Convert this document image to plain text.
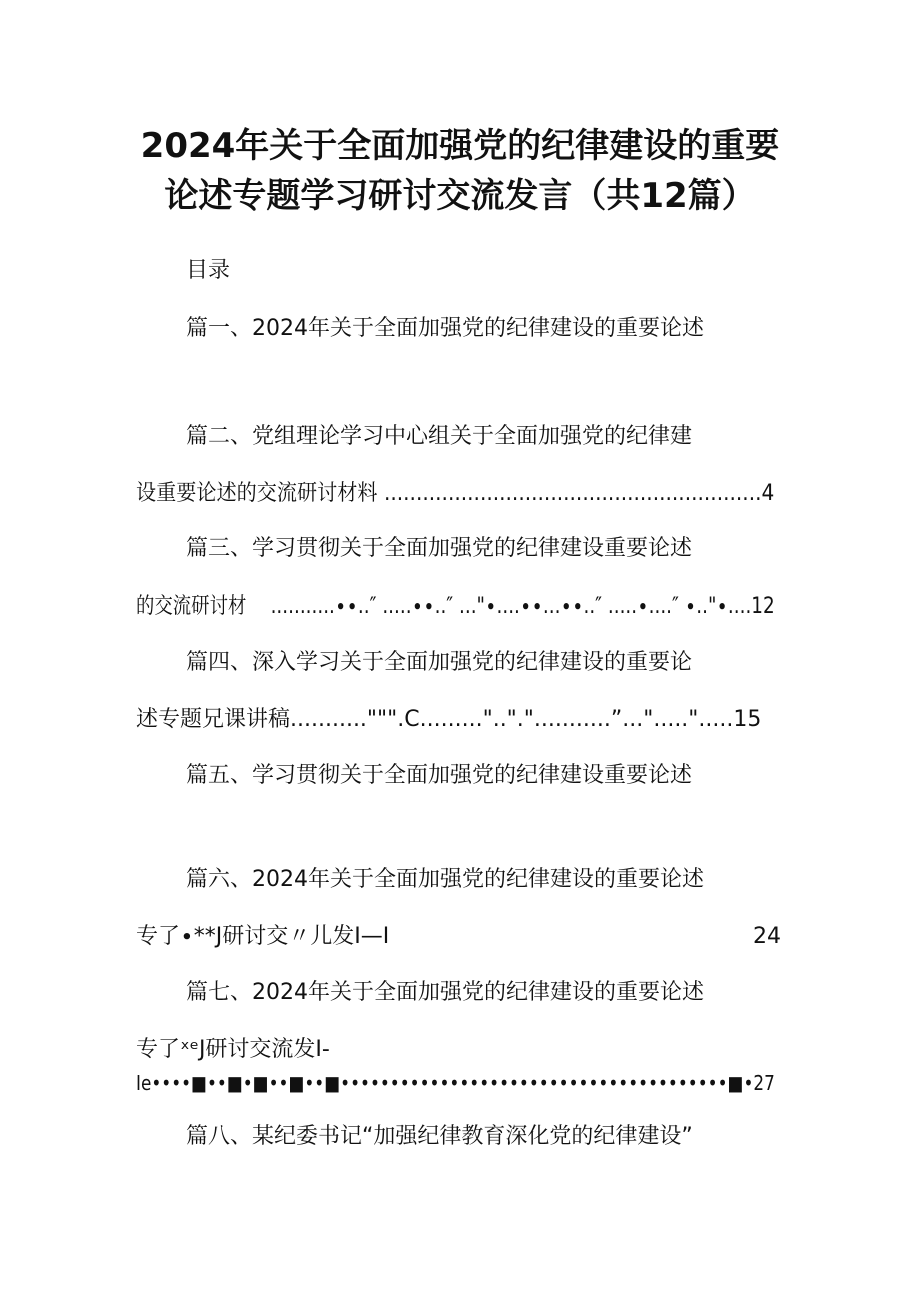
2024年关于全面加强党的纪律建设的重要
论述专题学习研讨交流发言（共12篇）
目录
篇一、2024年关于全面加强党的纪律建设的重要论述
篇二、党组理论学习中心组关于全面加强党的纪律建
设重要论述的交流研讨材料 ...........................................................4
篇三、学习贯彻关于全面加强党的纪律建设重要论述
的交流研讨材　 ...........∙∙..″ .....∙∙..″ ..."∙....∙∙...∙∙..″ .....∙....″ ∙.."∙....12
篇四、深入学习关于全面加强党的纪律建设的重要论
述专题兄课讲稿...........""".C.........".."."...........”...".....".....15
篇五、学习贯彻关于全面加强党的纪律建设重要论述
篇六、2024年关于全面加强党的纪律建设的重要论述
专了∙**J研讨交〃儿发I—I	24
篇七、2024年关于全面加强党的纪律建设的重要论述
专了ˣᵉJ研讨交流发I-
Ie••••■••■•■••■••■•••••••••••••••••••••••••••••••••••••••■•27
篇八、某纪委书记“加强纪律教育深化党的纪律建设”
